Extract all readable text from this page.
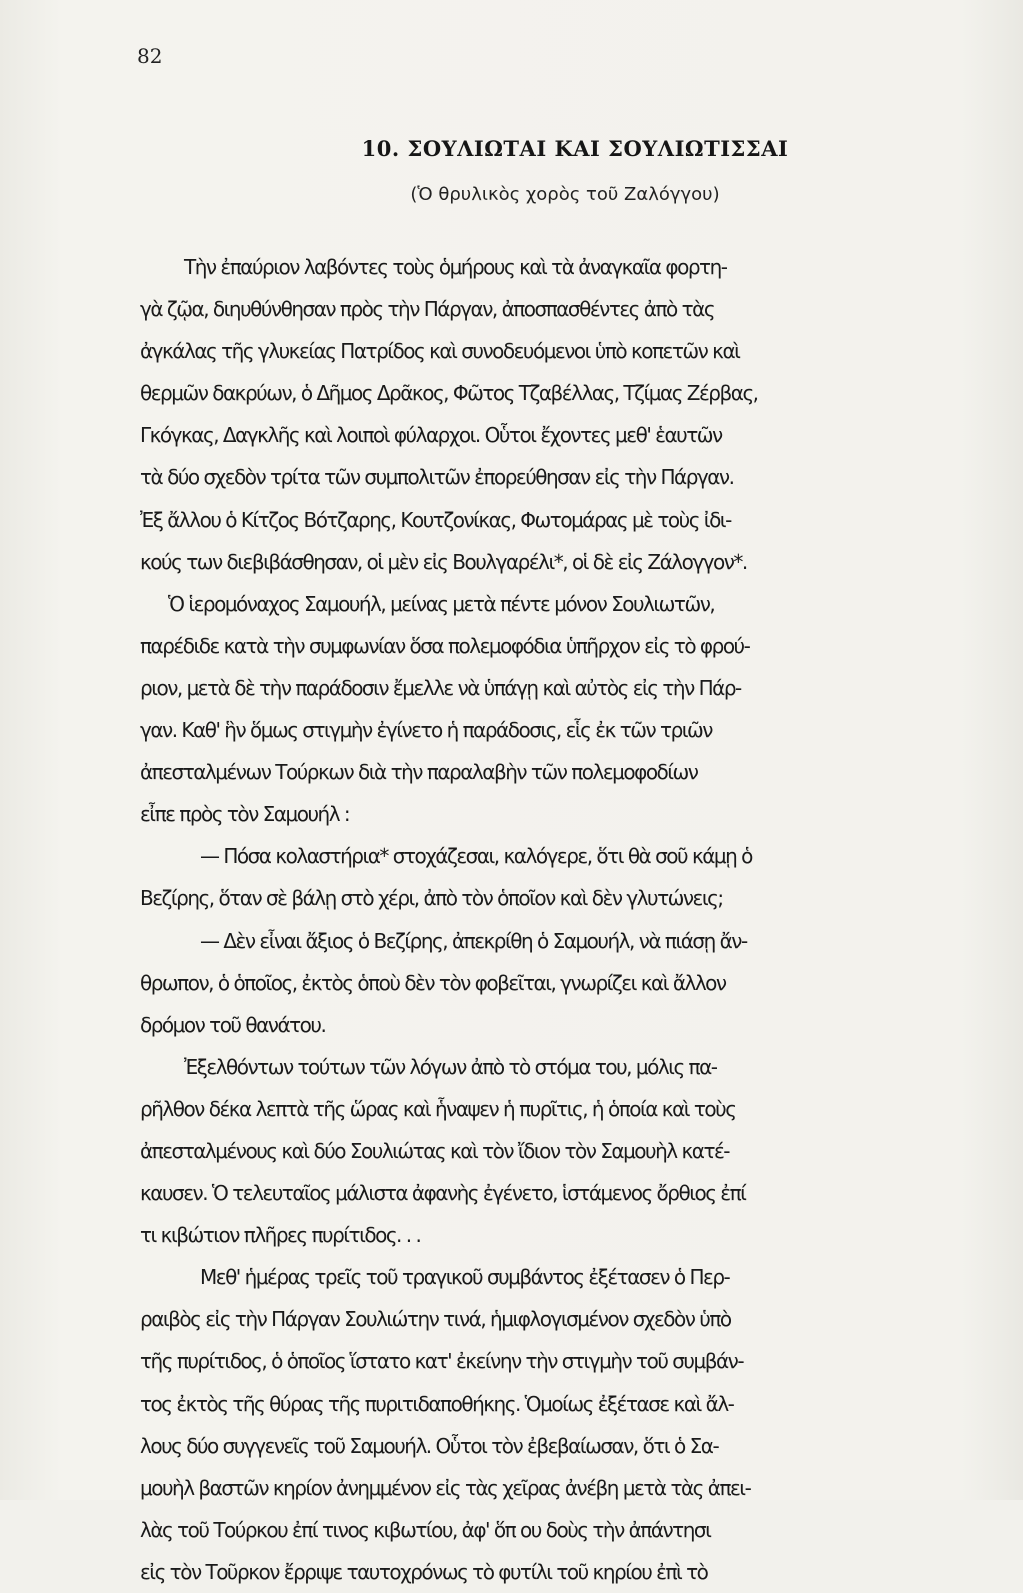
82
10. ΣΟΥΛΙΩΤΑΙ ΚΑΙ ΣΟΥΛΙΩΤΙΣΣΑΙ
(Ὁ θρυλικὸς χορὸς τοῦ Ζαλόγγου)
Τὴν ἐπαύριον λαβόντες τοὺς ὁμήρους καὶ τὰ ἀναγκαῖα φορτη-
γὰ ζῷα, διηυθύνθησαν πρὸς τὴν Πάργαν, ἀποσπασθέντες ἀπὸ τὰς
ἀγκάλας τῆς γλυκείας Πατρίδος καὶ συνοδευόμενοι ὑπὸ κοπετῶν καὶ
θερμῶν δακρύων, ὁ Δῆμος Δρᾶκος, Φῶτος Τζαβέλλας, Τζίμας Ζέρβας,
Γκόγκας, Δαγκλῆς καὶ λοιποὶ φύλαρχοι. Οὗτοι ἔχοντες μεθ' ἑαυτῶν
τὰ δύο σχεδὸν τρίτα τῶν συμπολιτῶν ἐπορεύθησαν εἰς τὴν Πάργαν.
Ἐξ ἄλλου ὁ Κίτζος Βότζαρης, Κουτζονίκας, Φωτομάρας μὲ τοὺς ἰδι-
κούς των διεβιβάσθησαν, οἱ μὲν εἰς Βουλγαρέλι*, οἱ δὲ εἰς Ζάλογγον*.
Ὁ ἱερομόναχος Σαμουήλ, μείνας μετὰ πέντε μόνον Σουλιωτῶν,
παρέδιδε κατὰ τὴν συμφωνίαν ὅσα πολεμοφόδια ὑπῆρχον εἰς τὸ φρού-
ριον, μετὰ δὲ τὴν παράδοσιν ἔμελλε νὰ ὑπάγῃ καὶ αὐτὸς εἰς τὴν Πάρ-
γαν. Καθ' ἣν ὅμως στιγμὴν ἐγίνετο ἡ παράδοσις, εἷς ἐκ τῶν τριῶν
ἀπεσταλμένων Τούρκων διὰ τὴν παραλαβὴν τῶν πολεμοφοδίων
εἶπε πρὸς τὸν Σαμουήλ :
— Πόσα κολαστήρια* στοχάζεσαι, καλόγερε, ὅτι θὰ σοῦ κάμῃ ὁ
Βεζίρης, ὅταν σὲ βάλῃ στὸ χέρι, ἀπὸ τὸν ὁποῖον καὶ δὲν γλυτώνεις;
— Δὲν εἶναι ἄξιος ὁ Βεζίρης, ἀπεκρίθη ὁ Σαμουήλ, νὰ πιάσῃ ἄν-
θρωπον, ὁ ὁποῖος, ἐκτὸς ὁποὺ δὲν τὸν φοβεῖται, γνωρίζει καὶ ἄλλον
δρόμον τοῦ θανάτου.
Ἐξελθόντων τούτων τῶν λόγων ἀπὸ τὸ στόμα του, μόλις πα-
ρῆλθον δέκα λεπτὰ τῆς ὥρας καὶ ἧναψεν ἡ πυρῖτις, ἡ ὁποία καὶ τοὺς
ἀπεσταλμένους καὶ δύο Σουλιώτας καὶ τὸν ἴδιον τὸν Σαμουὴλ κατέ-
καυσεν. Ὁ τελευταῖος μάλιστα ἀφανὴς ἐγένετο, ἱστάμενος ὄρθιος ἐπί
τι κιβώτιον πλῆρες πυρίτιδος. . .
Μεθ' ἡμέρας τρεῖς τοῦ τραγικοῦ συμβάντος ἐξέτασεν ὁ Περ-
ραιβὸς εἰς τὴν Πάργαν Σουλιώτην τινά, ἡμιφλογισμένον σχεδὸν ὑπὸ
τῆς πυρίτιδος, ὁ ὁποῖος ἵστατο κατ' ἐκείνην τὴν στιγμὴν τοῦ συμβάν-
τος ἐκτὸς τῆς θύρας τῆς πυριτιδαποθήκης. Ὁμοίως ἐξέτασε καὶ ἄλ-
λους δύο συγγενεῖς τοῦ Σαμουήλ. Οὗτοι τὸν ἐβεβαίωσαν, ὅτι ὁ Σα-
μουὴλ βαστῶν κηρίον ἀνημμένον εἰς τὰς χεῖρας ἀνέβη μετὰ τὰς ἀπει-
λὰς τοῦ Τούρκου ἐπί τινος κιβωτίου, ἀφ' ὅπ ου δοὺς τὴν ἀπάντησι
εἰς τὸν Τοῦρκον ἔρριψε ταυτοχρόνως τὸ φυτίλι τοῦ κηρίου ἐπὶ τὸ
